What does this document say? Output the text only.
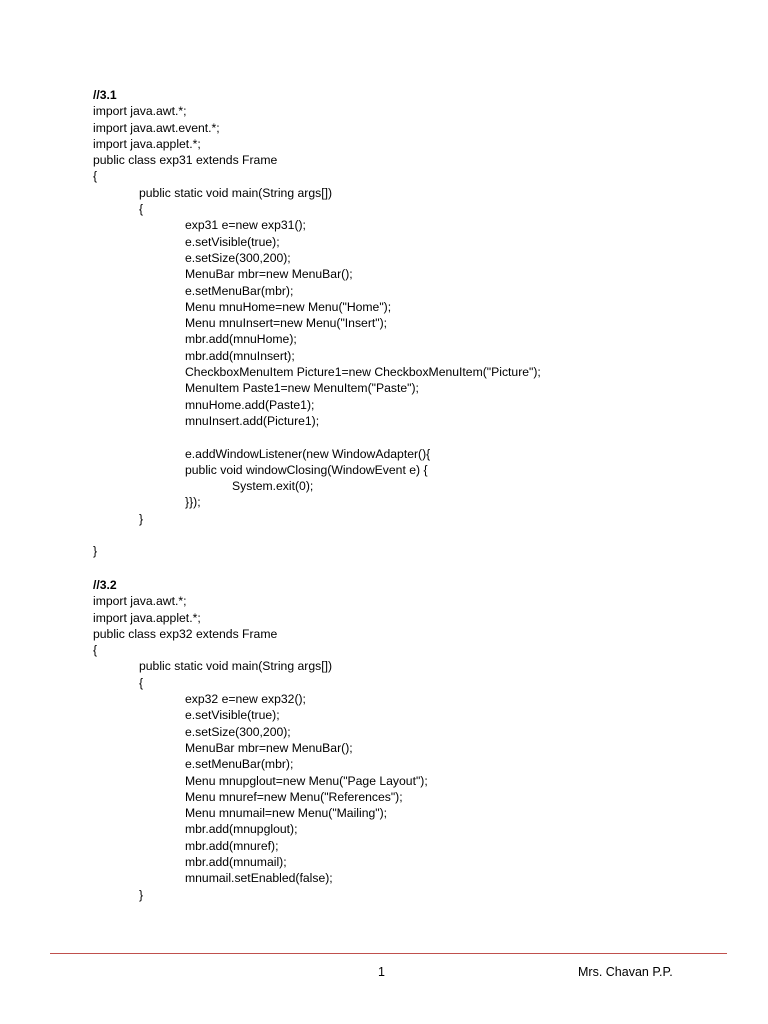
//3.1
import java.awt.*;
import java.awt.event.*;
import java.applet.*;
public class exp31 extends Frame
{
public static void main(String args[])
{
exp31 e=new exp31();
e.setVisible(true);
e.setSize(300,200);
MenuBar mbr=new MenuBar();
e.setMenuBar(mbr);
Menu mnuHome=new Menu("Home");
Menu mnuInsert=new Menu("Insert");
mbr.add(mnuHome);
mbr.add(mnuInsert);
CheckboxMenuItem Picture1=new CheckboxMenuItem("Picture");
MenuItem Paste1=new MenuItem("Paste");
mnuHome.add(Paste1);
mnuInsert.add(Picture1);
e.addWindowListener(new WindowAdapter(){
public void windowClosing(WindowEvent e) {
System.exit(0);
}});
}
}
//3.2
import java.awt.*;
import java.applet.*;
public class exp32 extends Frame
{
public static void main(String args[])
{
exp32 e=new exp32();
e.setVisible(true);
e.setSize(300,200);
MenuBar mbr=new MenuBar();
e.setMenuBar(mbr);
Menu mnupglout=new Menu("Page Layout");
Menu mnuref=new Menu("References");
Menu mnumail=new Menu("Mailing");
mbr.add(mnupglout);
mbr.add(mnuref);
mbr.add(mnumail);
mnumail.setEnabled(false);
}
1	Mrs. Chavan P.P.
